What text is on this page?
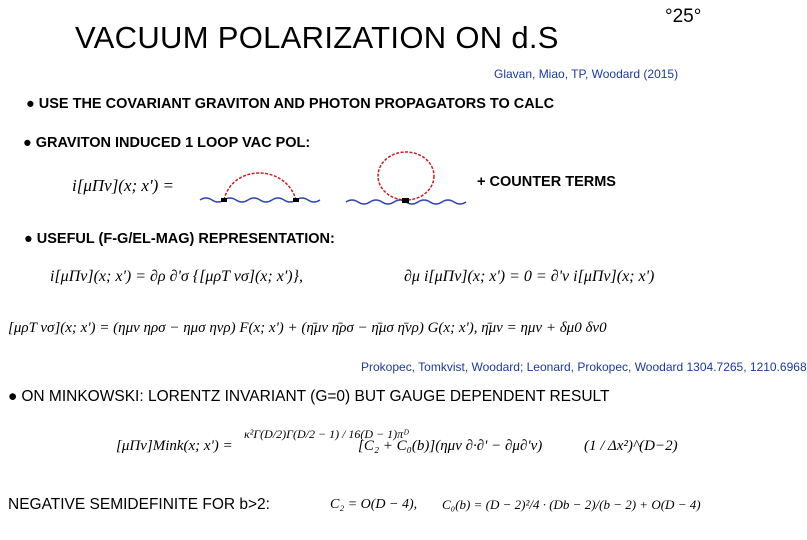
VACUUM POLARIZATION ON d.S
°25°
Glavan, Miao, TP, Woodard (2015)
● USE THE COVARIANT GRAVITON AND PHOTON PROPAGATORS TO CALC
● GRAVITON INDUCED 1 LOOP VAC POL:
i[μΠν](x; x') =	+ COUNTER TERMS
● USEFUL (F-G/EL-MAG) REPRESENTATION:
i[μΠν](x; x') = ∂ρ ∂'σ {[μρT νσ](x; x')},	∂μ i[μΠν](x; x') = 0 = ∂'ν i[μΠν](x; x')
[μρT νσ](x; x') = (ημν ηρσ − ημσ ηνρ) F(x; x') + (η̄μν η̄ρσ − η̄μσ η̄νρ) G(x; x'), η̄μν = ημν + δμ0 δν0
Prokopec, Tomkvist, Woodard; Leonard, Prokopec, Woodard 1304.7265, 1210.6968
● ON MINKOWSKI: LORENTZ INVARIANT (G=0) BUT GAUGE DEPENDENT RESULT
[μΠν]Mink(x; x') =
κ²Γ(D/2)Γ(D/2 − 1) / 16(D − 1)πᴰ
[C₂ + C₀(b)](ημν ∂·∂' − ∂μ∂'ν)	(1 / Δx²)^(D−2)
NEGATIVE SEMIDEFINITE FOR b>2:	C₂ = O(D − 4), C₀(b) = (D − 2)²/4 · (Db − 2)/(b − 2) + O(D − 4)
